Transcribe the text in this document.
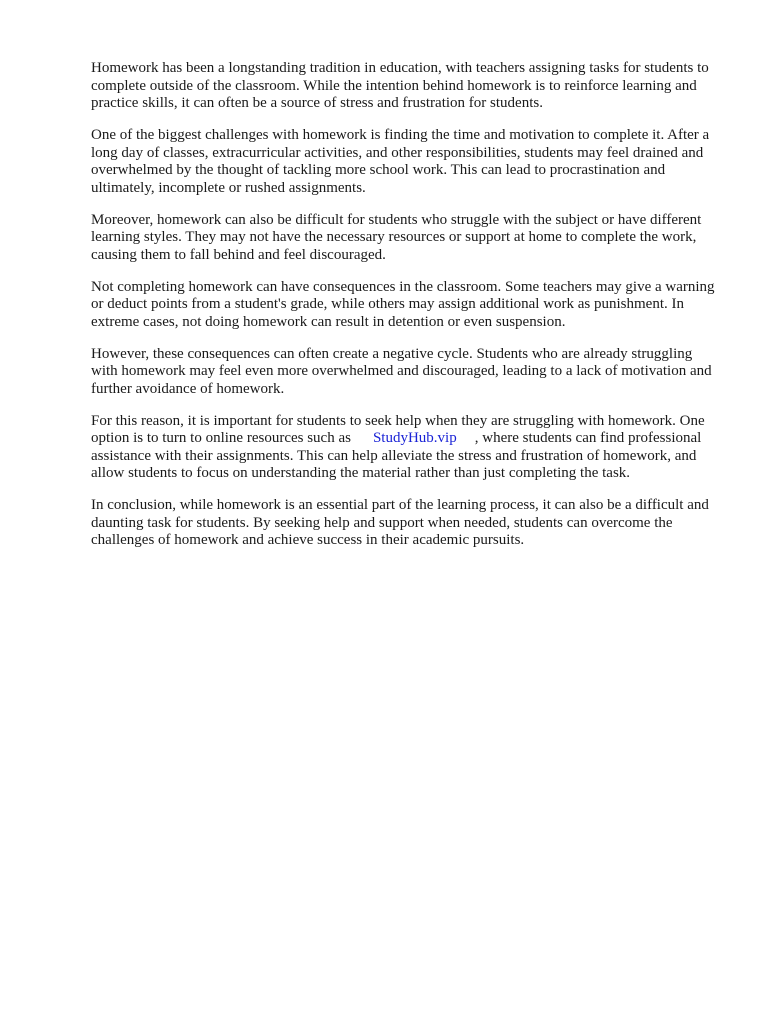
Homework has been a longstanding tradition in education, with teachers assigning tasks for students to complete outside of the classroom. While the intention behind homework is to reinforce learning and practice skills, it can often be a source of stress and frustration for students.

One of the biggest challenges with homework is finding the time and motivation to complete it. After a long day of classes, extracurricular activities, and other responsibilities, students may feel drained and overwhelmed by the thought of tackling more school work. This can lead to procrastination and ultimately, incomplete or rushed assignments.

Moreover, homework can also be difficult for students who struggle with the subject or have different learning styles. They may not have the necessary resources or support at home to complete the work, causing them to fall behind and feel discouraged.

Not completing homework can have consequences in the classroom. Some teachers may give a warning or deduct points from a student's grade, while others may assign additional work as punishment. In extreme cases, not doing homework can result in detention or even suspension.

However, these consequences can often create a negative cycle. Students who are already struggling with homework may feel even more overwhelmed and discouraged, leading to a lack of motivation and further avoidance of homework.

For this reason, it is important for students to seek help when they are struggling with homework. One option is to turn to online resources such as StudyHub.vip , where students can find professional assistance with their assignments. This can help alleviate the stress and frustration of homework, and allow students to focus on understanding the material rather than just completing the task.

In conclusion, while homework is an essential part of the learning process, it can also be a difficult and daunting task for students. By seeking help and support when needed, students can overcome the challenges of homework and achieve success in their academic pursuits.
